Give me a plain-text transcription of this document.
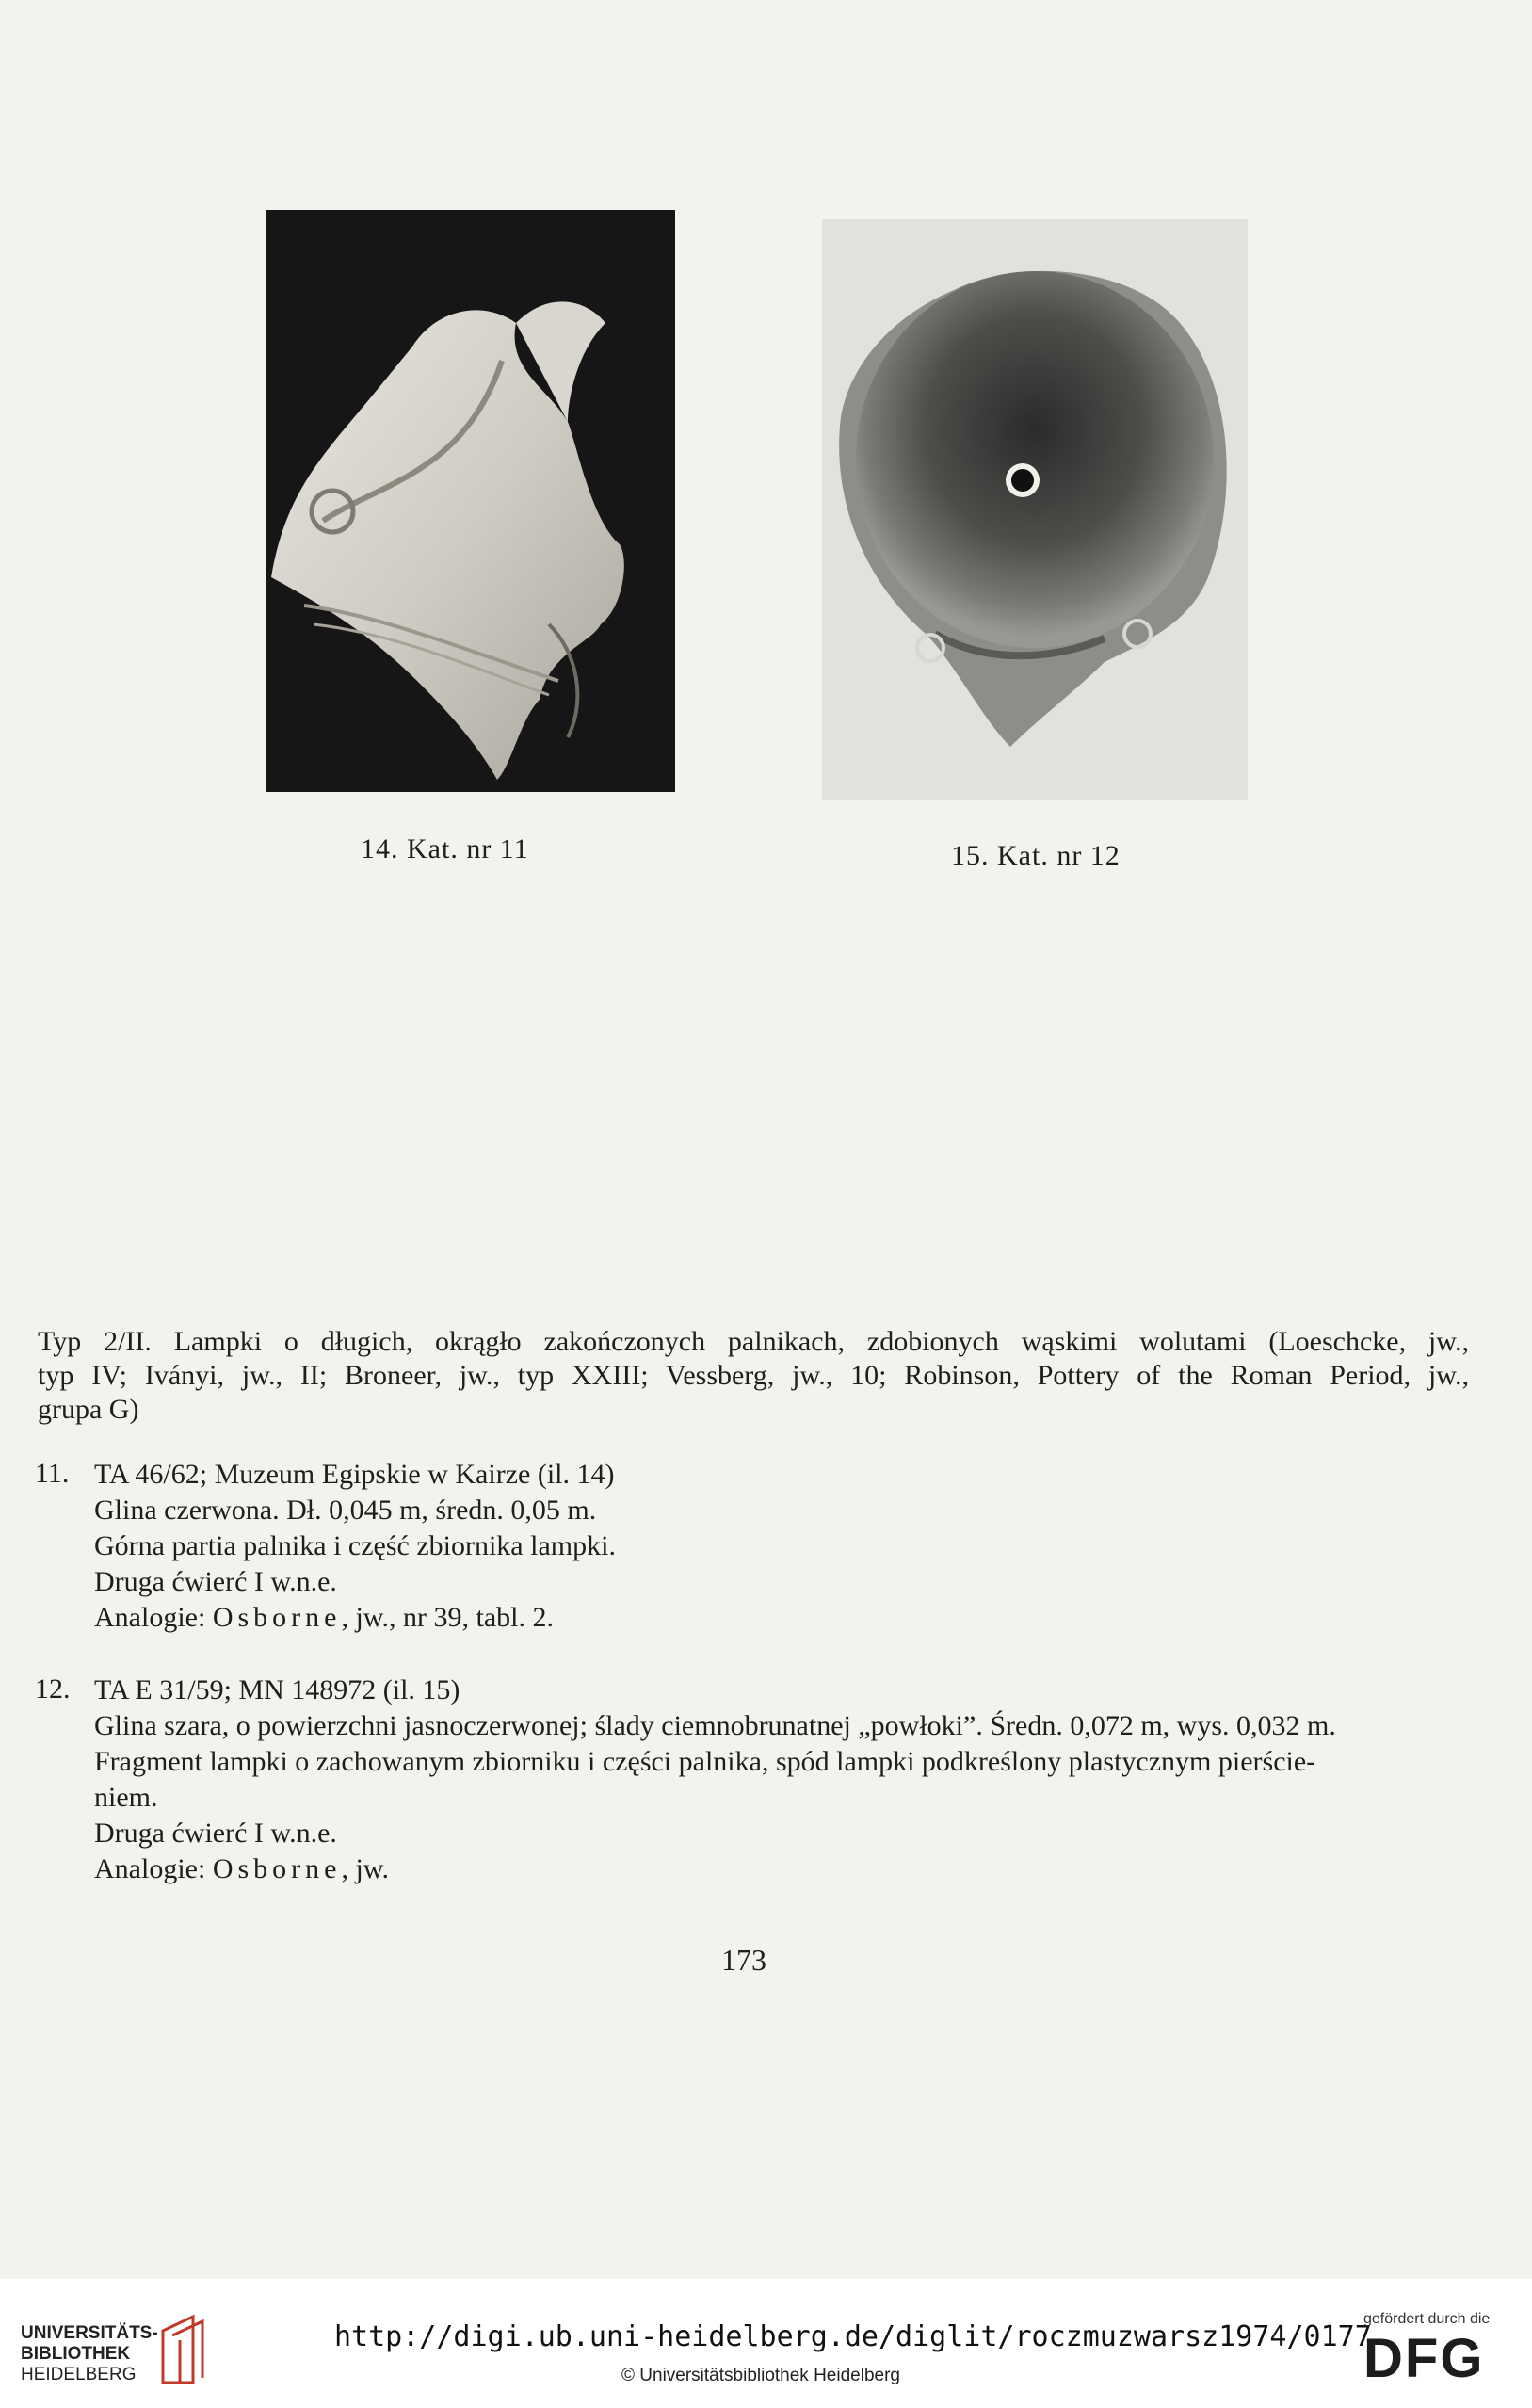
14. Kat. nr 11	15. Kat. nr 12
Typ 2/II. Lampki o długich, okrągło zakończonych palnikach, zdobionych wąskimi wolutami (Loeschcke, jw.,
typ IV; Iványi, jw., II; Broneer, jw., typ XXIII; Vessberg, jw., 10; Robinson, Pottery of the Roman Period, jw.,
grupa G)
11. TA 46/62; Muzeum Egipskie w Kairze (il. 14)
Glina czerwona. Dł. 0,045 m, średn. 0,05 m.
Górna partia palnika i część zbiornika lampki.
Druga ćwierć I w.n.e.
Analogie: Osborne, jw., nr 39, tabl. 2.
12. TA E 31/59; MN 148972 (il. 15)
Glina szara, o powierzchni jasnoczerwonej; ślady ciemnobrunatnej „powłoki”. Średn. 0,072 m, wys. 0,032 m.
Fragment lampki o zachowanym zbiorniku i części palnika, spód lampki podkreślony plastycznym pierście-
niem.
Druga ćwierć I w.n.e.
Analogie: Osborne, jw.
173
UNIVERSITÄTS-
BIBLIOTHEK
HEIDELBERG
http://digi.ub.uni-heidelberg.de/diglit/roczmuzwarsz1974/0177
© Universitätsbibliothek Heidelberg
gefördert durch die
DFG
